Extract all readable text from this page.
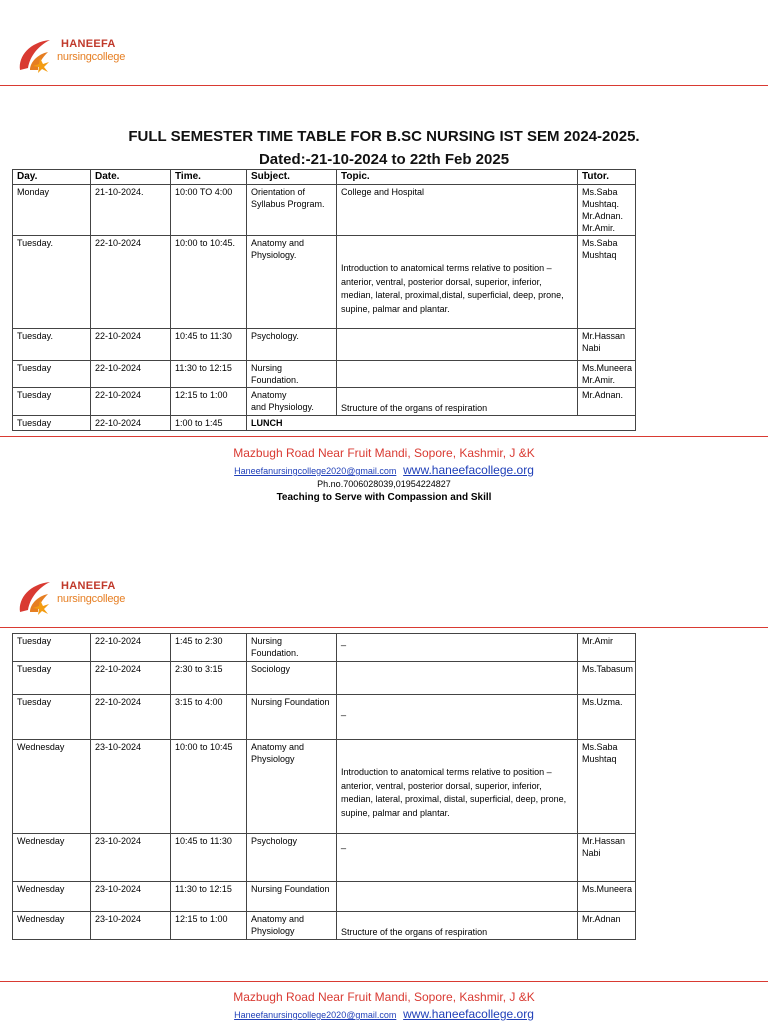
HANEEFA
nursingcollege
FULL SEMESTER TIME TABLE FOR B.SC NURSING IST SEM 2024-2025.
Dated:-21-10-2024 to 22th Feb 2025
Day.	Date.	Time.	Subject.	Topic.	Tutor.
Monday	21-10-2024.	10:00 TO 4:00	Orientation of Syllabus Program.	College and Hospital	Ms.Saba Mushtaq.
Mr.Adnan.
Mr.Amir.
Tuesday.	22-10-2024	10:00 to 10:45.	Anatomy and Physiology.	Introduction to anatomical terms relative to position – anterior, ventral, posterior dorsal, superior, inferior, median, lateral, proximal,distal, superficial, deep, prone, supine, palmar and plantar.	Ms.Saba Mushtaq
Tuesday.	22-10-2024	10:45 to 11:30	Psychology.		Mr.Hassan Nabi
Tuesday	22-10-2024	11:30 to 12:15	Nursing Foundation.		Ms.Muneera
Mr.Amir.
Tuesday	22-10-2024	12:15 to 1:00	Anatomy
and Physiology.	Structure of the organs of respiration	Mr.Adnan.
Tuesday	22-10-2024	1:00 to 1:45	LUNCH		
Mazbugh Road Near Fruit Mandi, Sopore, Kashmir, J &K
Haneefanursingcollege2020@gmail.com www.haneefacollege.org
Ph.no.7006028039,01954224827
Teaching to Serve with Compassion and Skill
HANEEFA
nursingcollege
Tuesday	22-10-2024	1:45 to 2:30	Nursing Foundation.	_	Mr.Amir
Tuesday	22-10-2024	2:30 to 3:15	Sociology		Ms.Tabasum
Tuesday	22-10-2024	3:15 to 4:00	Nursing Foundation	_	Ms.Uzma.
Wednesday	23-10-2024	10:00 to 10:45	Anatomy and Physiology	Introduction to anatomical terms relative to position – anterior, ventral, posterior dorsal, superior, inferior, median, lateral, proximal, distal, superficial, deep, prone, supine, palmar and plantar.	Ms.Saba Mushtaq
Wednesday	23-10-2024	10:45 to 11:30	Psychology	_	Mr.Hassan Nabi
Wednesday	23-10-2024	11:30 to 12:15	Nursing Foundation		Ms.Muneera
Wednesday	23-10-2024	12:15 to 1:00	Anatomy and Physiology	Structure of the organs of respiration	Mr.Adnan
Mazbugh Road Near Fruit Mandi, Sopore, Kashmir, J &K
Haneefanursingcollege2020@gmail.com www.haneefacollege.org
